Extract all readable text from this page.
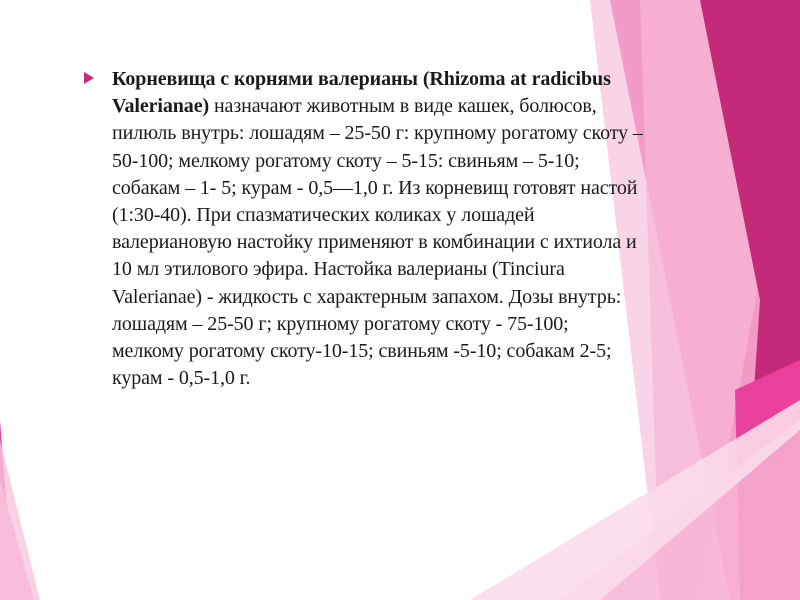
Корневища с корнями валерианы (Rhizoma at radicibus Valerianae) назначают животным в виде кашек, болюсов, пилюль внутрь: лошадям – 25-50 г: крупному рогатому скоту – 50-100; мелкому рогатому скоту – 5-15: свиньям – 5-10; собакам – 1- 5; курам - 0,5—1,0 г. Из корневищ готовят настой (1:30-40). При спазматических коликах у лошадей валериановую настойку применяют в комбинации с ихтиола и 10 мл этилового эфира. Настойка валерианы (Tinciura Valerianae) - жидкость с характерным запахом. Дозы внутрь: лошадям – 25-50 г; крупному рогатому скоту - 75-100; мелкому рогатому скоту-10-15; свиньям -5-10; собакам 2-5; курам - 0,5-1,0 г.
